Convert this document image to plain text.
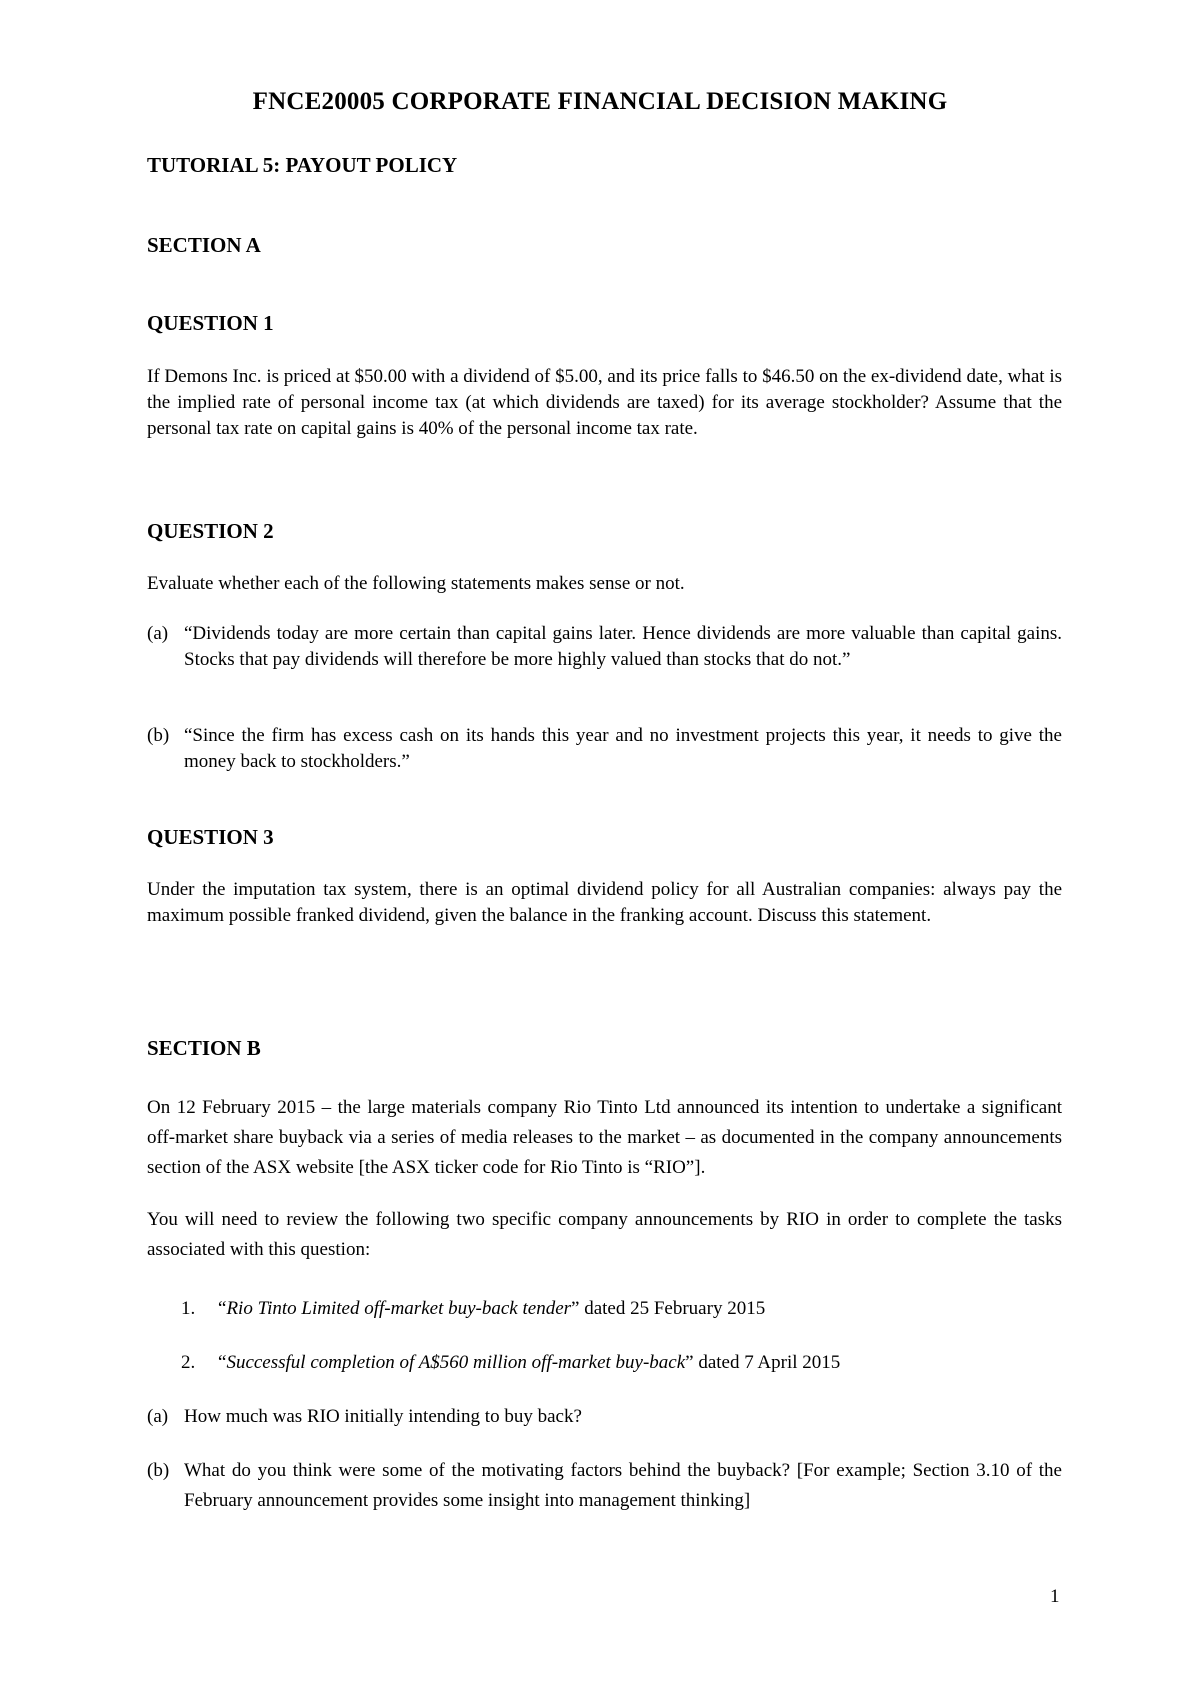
FNCE20005 CORPORATE FINANCIAL DECISION MAKING
TUTORIAL 5: PAYOUT POLICY
SECTION A
QUESTION 1
If Demons Inc. is priced at $50.00 with a dividend of $5.00, and its price falls to $46.50 on the ex-dividend date, what is the implied rate of personal income tax (at which dividends are taxed) for its average stockholder? Assume that the personal tax rate on capital gains is 40% of the personal income tax rate.
QUESTION 2
Evaluate whether each of the following statements makes sense or not.
(a) “Dividends today are more certain than capital gains later. Hence dividends are more valuable than capital gains. Stocks that pay dividends will therefore be more highly valued than stocks that do not.”
(b) “Since the firm has excess cash on its hands this year and no investment projects this year, it needs to give the money back to stockholders.”
QUESTION 3
Under the imputation tax system, there is an optimal dividend policy for all Australian companies: always pay the maximum possible franked dividend, given the balance in the franking account. Discuss this statement.
SECTION B
On 12 February 2015 – the large materials company Rio Tinto Ltd announced its intention to undertake a significant off-market share buyback via a series of media releases to the market – as documented in the company announcements section of the ASX website [the ASX ticker code for Rio Tinto is “RIO”].
You will need to review the following two specific company announcements by RIO in order to complete the tasks associated with this question:
1.	“Rio Tinto Limited off-market buy-back tender” dated 25 February 2015
2.	“Successful completion of A$560 million off-market buy-back” dated 7 April 2015
(a) How much was RIO initially intending to buy back?
(b) What do you think were some of the motivating factors behind the buyback? [For example; Section 3.10 of the February announcement provides some insight into management thinking]
1
